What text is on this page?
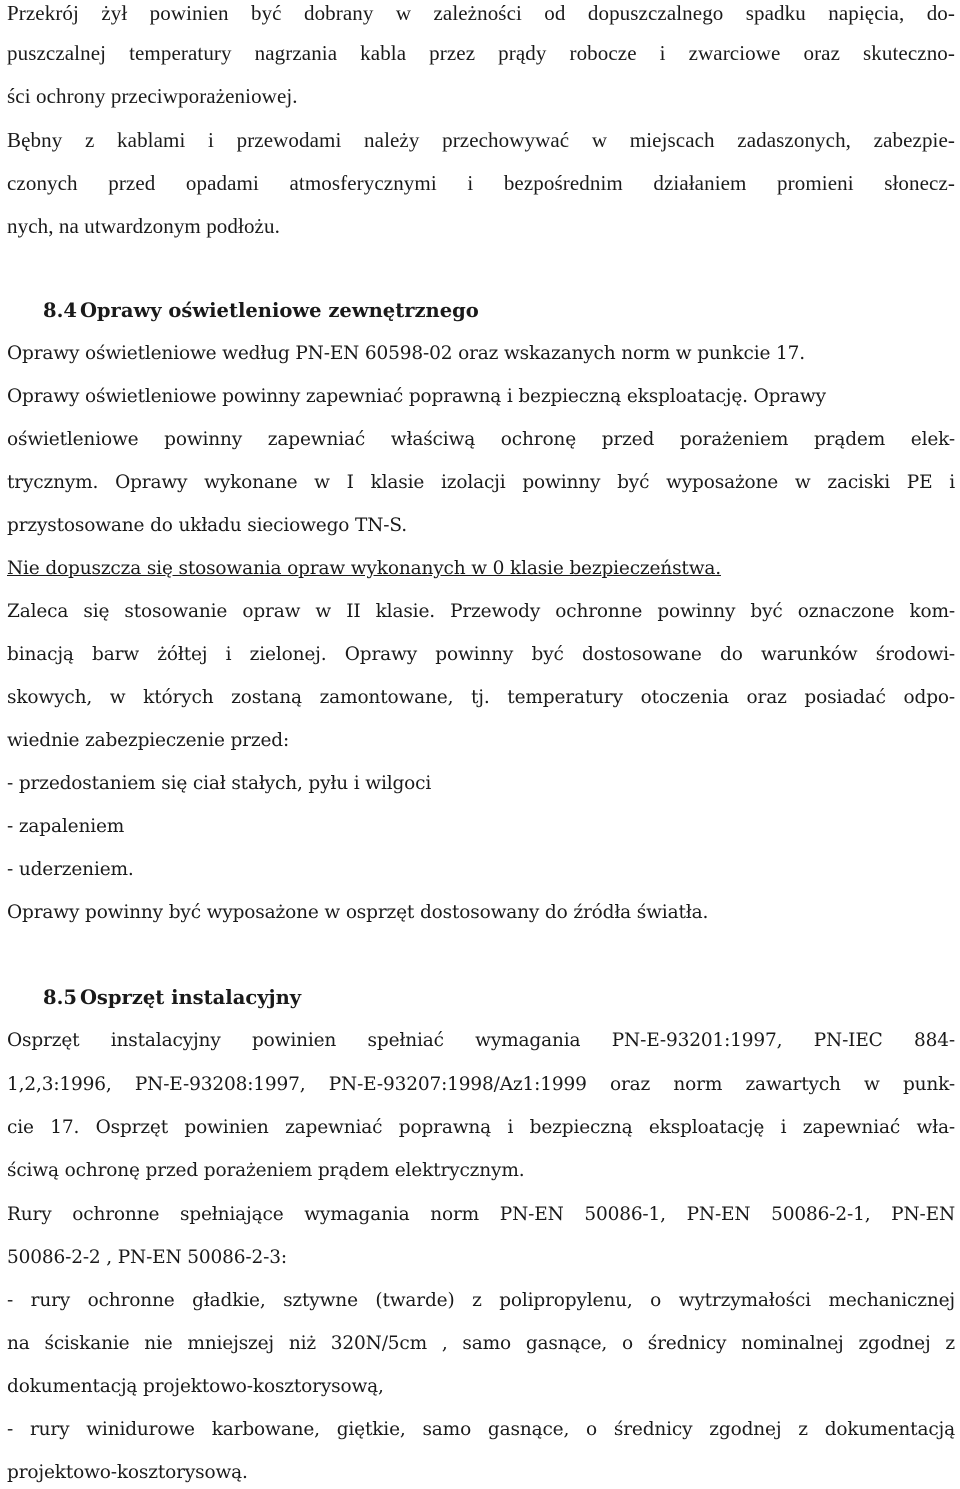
Przekrój żył powinien być dobrany w zależności od dopuszczalnego spadku napięcia, do-
puszczalnej temperatury nagrzania kabla przez prądy robocze i zwarciowe oraz skuteczno-
ści ochrony przeciwporażeniowej.
Bębny z kablami i przewodami należy przechowywać w miejscach zadaszonych, zabezpie-
czonych przed opadami atmosferycznymi i bezpośrednim działaniem promieni słonecz-
nych, na utwardzonym podłożu.
8.4 Oprawy oświetleniowe zewnętrznego
Oprawy oświetleniowe według PN-EN 60598-02 oraz wskazanych norm w punkcie 17.
Oprawy oświetleniowe powinny zapewniać poprawną i bezpieczną eksploatację. Oprawy
oświetleniowe powinny zapewniać właściwą ochronę przed porażeniem prądem elek-
trycznym. Oprawy wykonane w I klasie izolacji powinny być wyposażone w zaciski PE i
przystosowane do układu sieciowego TN-S.
Nie dopuszcza się stosowania opraw wykonanych w 0 klasie bezpieczeństwa.
Zaleca się stosowanie opraw w II klasie. Przewody ochronne powinny być oznaczone kom-
binacją barw żółtej i zielonej. Oprawy powinny być dostosowane do warunków środowi-
skowych, w których zostaną zamontowane, tj. temperatury otoczenia oraz posiadać odpo-
wiednie zabezpieczenie przed:
- przedostaniem się ciał stałych, pyłu i wilgoci
- zapaleniem
- uderzeniem.
Oprawy powinny być wyposażone w osprzęt dostosowany do źródła światła.
8.5 Osprzęt instalacyjny
Osprzęt instalacyjny powinien spełniać wymagania PN-E-93201:1997, PN-IEC 884-
1,2,3:1996, PN-E-93208:1997, PN-E-93207:1998/Az1:1999 oraz norm zawartych w punk-
cie 17. Osprzęt powinien zapewniać poprawną i bezpieczną eksploatację i zapewniać wła-
ściwą ochronę przed porażeniem prądem elektrycznym.
Rury ochronne spełniające wymagania norm PN-EN 50086-1, PN-EN 50086-2-1, PN-EN
50086-2-2 , PN-EN 50086-2-3:
- rury ochronne gładkie, sztywne (twarde) z polipropylenu, o wytrzymałości mechanicznej
na ściskanie nie mniejszej niż 320N/5cm , samo gasnące, o średnicy nominalnej zgodnej z
dokumentacją projektowo-kosztorysową,
- rury winidurowe karbowane, giętkie, samo gasnące, o średnicy zgodnej z dokumentacją
projektowo-kosztorysową.
